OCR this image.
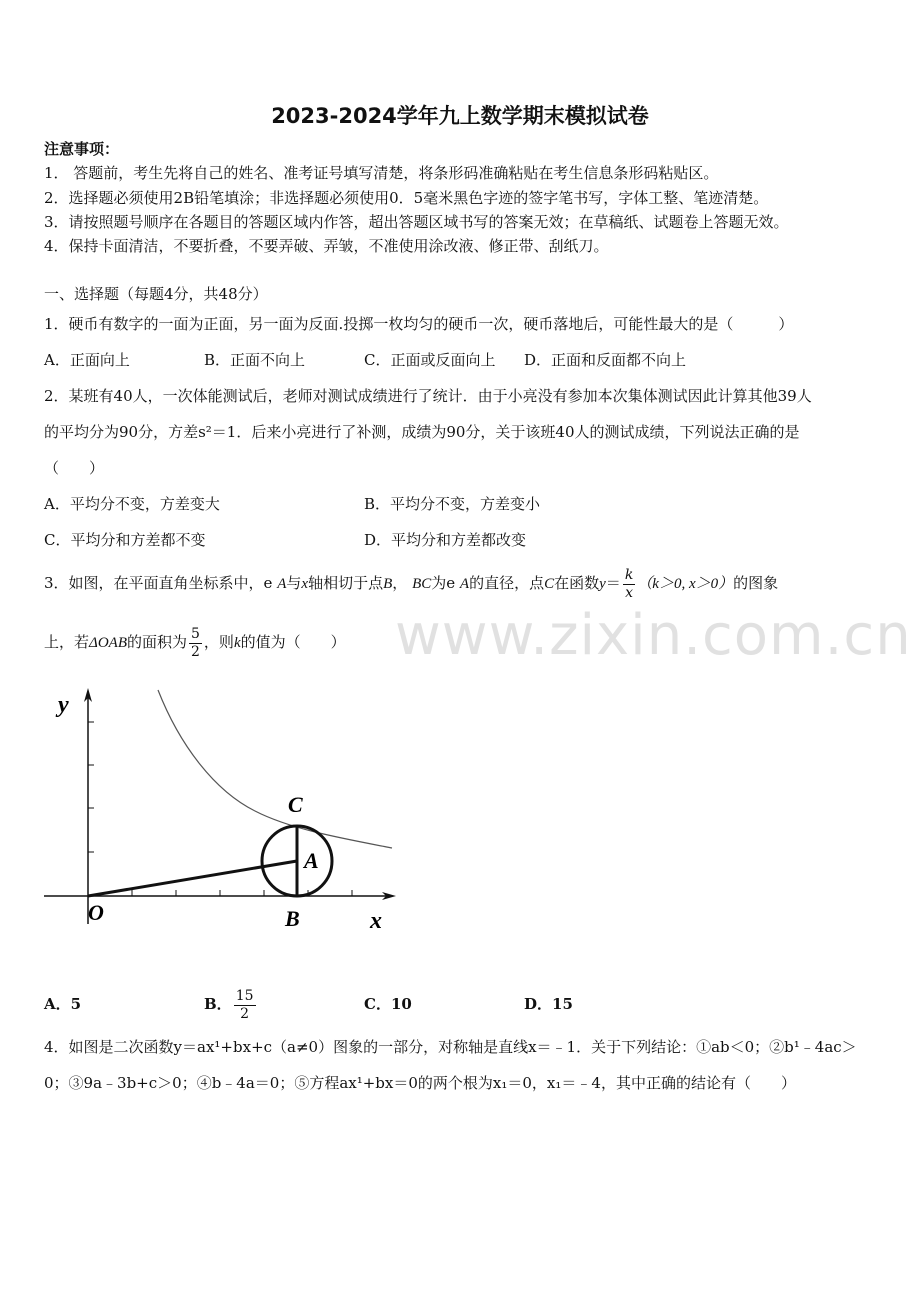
2023-2024学年九上数学期末模拟试卷
注意事项：
1． 答题前，考生先将自己的姓名、准考证号填写清楚，将条形码准确粘贴在考生信息条形码粘贴区。
2．选择题必须使用2B铅笔填涂；非选择题必须使用0．5毫米黑色字迹的签字笔书写，字体工整、笔迹清楚。
3．请按照题号顺序在各题目的答题区域内作答，超出答题区域书写的答案无效；在草稿纸、试题卷上答题无效。
4．保持卡面清洁，不要折叠，不要弄破、弄皱，不准使用涂改液、修正带、刮纸刀。
一、选择题（每题4分，共48分）
1．硬币有数字的一面为正面，另一面为反面.投掷一枚均匀的硬币一次，硬币落地后，可能性最大的是（　　　）
A．正面向上	B．正面不向上	C．正面或反面向上 D．正面和反面都不向上
2．某班有40人，一次体能测试后，老师对测试成绩进行了统计．由于小亮没有参加本次集体测试因此计算其他39人
的平均分为90分，方差s²＝1．后来小亮进行了补测，成绩为90分，关于该班40人的测试成绩，下列说法正确的是
（　　）
A．平均分不变，方差变大	B．平均分不变，方差变小
C．平均分和方差都不变	D．平均分和方差都改变
3．如图，在平面直角坐标系中，e A与x轴相切于点B， BC为e A的直径，点C在函数$y= \frac{k}{x} (k>0$, x＞0）的图象
上，若ΔOAB的面积为 $\frac{5}{2}$ ，则k的值为（　　） www.zixin.com.cn
y
x
O	B
A
C
A．5	B． $\frac{15}{2}$	C．10	D．15
4．如图是二次函数y＝ax¹+bx+c（a≠0）图象的一部分，对称轴是直线x＝﹣1．关于下列结论：①ab＜0；②b¹﹣4ac＞
0；③9a﹣3b+c＞0；④b﹣4a＝0；⑤方程ax¹+bx＝0的两个根为x₁＝0，x₁＝﹣4，其中正确的结论有（　　）
